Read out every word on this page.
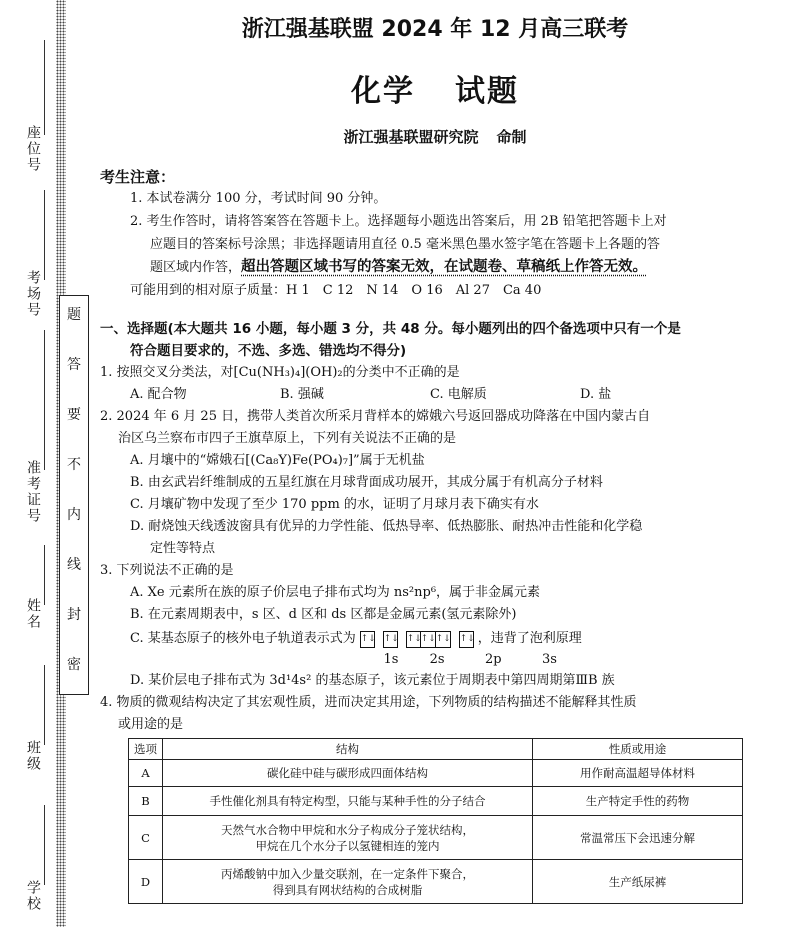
座位号
考场号
准考证号
姓名
班级
学校
题
答
要
不
内
线
封
密
浙江强基联盟 2024 年 12 月高三联考
化学 试题
浙江强基联盟研究院 命制
考生注意：
1. 本试卷满分 100 分，考试时间 90 分钟。
2. 考生作答时，请将答案答在答题卡上。选择题每小题选出答案后，用 2B 铅笔把答题卡上对
应题目的答案标号涂黑；非选择题请用直径 0.5 毫米黑色墨水签字笔在答题卡上各题的答
题区域内作答，超出答题区域书写的答案无效，在试题卷、草稿纸上作答无效。
可能用到的相对原子质量：H 1　C 12　N 14　O 16　Al 27　Ca 40
一、选择题(本大题共 16 小题，每小题 3 分，共 48 分。每小题列出的四个备选项中只有一个是
符合题目要求的，不选、多选、错选均不得分)
1. 按照交叉分类法，对[Cu(NH₃)₄](OH)₂的分类中不正确的是
A. 配合物	B. 强碱	C. 电解质	D. 盐
2. 2024 年 6 月 25 日，携带人类首次所采月背样本的嫦娥六号返回器成功降落在中国内蒙古自
治区乌兰察布市四子王旗草原上，下列有关说法不正确的是
A. 月壤中的“嫦娥石[(Ca₈Y)Fe(PO₄)₇]”属于无机盐
B. 由玄武岩纤维制成的五星红旗在月球背面成功展开，其成分属于有机高分子材料
C. 月壤矿物中发现了至少 170 ppm 的水，证明了月球月表下确实有水
D. 耐烧蚀天线透波窗具有优异的力学性能、低热导率、低热膨胀、耐热冲击性能和化学稳
定性等特点
3. 下列说法不正确的是
A. Xe 元素所在族的原子价层电子排布式均为 ns²np⁶，属于非金属元素
B. 在元素周期表中，s 区、d 区和 ds 区都是金属元素(氢元素除外)
C. 某基态原子的核外电子轨道表示式为 ↑↓ ↑↓ ↑↓
↑↓ ↑↓ ↑↓ ，违背了泡利原理
1s 2s	2p	3s
D. 某价层电子排布式为 3d¹4s² 的基态原子，该元素位于周期表中第四周期第ⅢB 族
4. 物质的微观结构决定了其宏观性质，进而决定其用途，下列物质的结构描述不能解释其性质
或用途的是
选项	结构	性质或用途
A	碳化硅中硅与碳形成四面体结构	用作耐高温超导体材料
B	手性催化剂具有特定构型，只能与某种手性的分子结合	生产特定手性的药物
C	天然气水合物中甲烷和水分子构成分子笼状结构，
甲烷在几个水分子以氢键相连的笼内	常温常压下会迅速分解
D	丙烯酸钠中加入少量交联剂，在一定条件下聚合，
得到具有网状结构的合成树脂	生产纸尿裤
